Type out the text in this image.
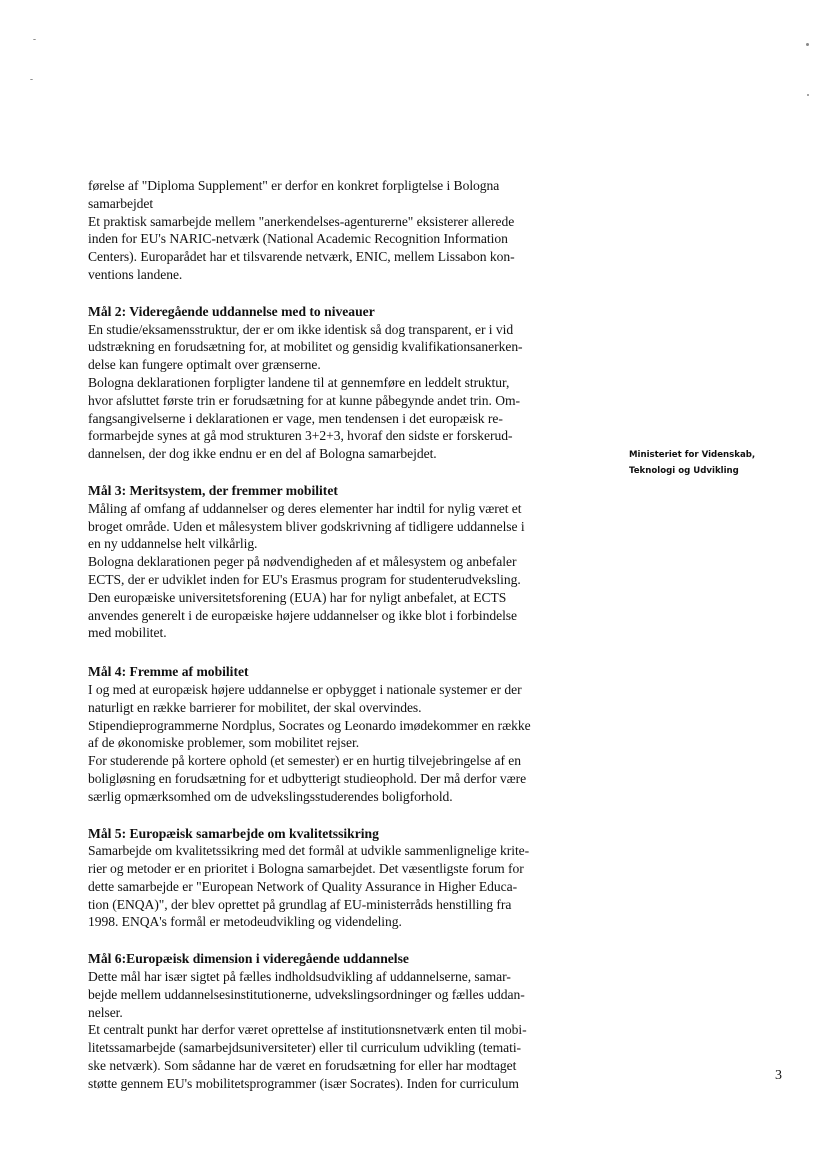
førelse af "Diploma Supplement" er derfor en konkret forpligtelse i Bologna

samarbejdet

Et praktisk samarbejde mellem "anerkendelses-agenturerne" eksisterer allerede

inden for EU's NARIC-netværk (National Academic Recognition Information

Centers). Europarådet har et tilsvarende netværk, ENIC, mellem Lissabon kon-

ventions landene.

Mål 2: Videregående uddannelse med to niveauer

En studie/eksamensstruktur, der er om ikke identisk så dog transparent, er i vid

udstrækning en forudsætning for, at mobilitet og gensidig kvalifikationsanerken-

delse kan fungere optimalt over grænserne.

Bologna deklarationen forpligter landene til at gennemføre en leddelt struktur,

hvor afsluttet første trin er forudsætning for at kunne påbegynde andet trin. Om-

fangsangivelserne i deklarationen er vage, men tendensen i det europæisk re-

formarbejde synes at gå mod strukturen 3+2+3, hvoraf den sidste er forskerud-

dannelsen, der dog ikke endnu er en del af Bologna samarbejdet.

Mål 3: Meritsystem, der fremmer mobilitet

Måling af omfang af uddannelser og deres elementer har indtil for nylig været et

broget område. Uden et målesystem bliver godskrivning af tidligere uddannelse i

en ny uddannelse helt vilkårlig.

Bologna deklarationen peger på nødvendigheden af et målesystem og anbefaler

ECTS, der er udviklet inden for EU's Erasmus program for studenterudveksling.

Den europæiske universitetsforening (EUA) har for nyligt anbefalet, at ECTS

anvendes generelt i de europæiske højere uddannelser og ikke blot i forbindelse

med mobilitet.

Mål 4: Fremme af mobilitet

I og med at europæisk højere uddannelse er opbygget i nationale systemer er der

naturligt en række barrierer for mobilitet, der skal overvindes.

Stipendieprogrammerne Nordplus, Socrates og Leonardo imødekommer en række

af de økonomiske problemer, som mobilitet rejser.

For studerende på kortere ophold (et semester) er en hurtig tilvejebringelse af en

boligløsning en forudsætning for et udbytterigt studieophold. Der må derfor være

særlig opmærksomhed om de udvekslingsstuderendes boligforhold.

Mål 5: Europæisk samarbejde om kvalitetssikring

Samarbejde om kvalitetssikring med det formål at udvikle sammenlignelige krite-

rier og metoder er en prioritet i Bologna samarbejdet. Det væsentligste forum for

dette samarbejde er "European Network of Quality Assurance in Higher Educa-

tion (ENQA)", der blev oprettet på grundlag af EU-ministerråds henstilling fra

1998. ENQA's formål er metodeudvikling og videndeling.

Mål 6:Europæisk dimension i videregående uddannelse

Dette mål har især sigtet på fælles indholdsudvikling af uddannelserne, samar-

bejde mellem uddannelsesinstitutionerne, udvekslingsordninger og fælles uddan-

nelser.

Et centralt punkt har derfor været oprettelse af institutionsnetværk enten til mobi-

litetssamarbejde (samarbejdsuniversiteter) eller til curriculum udvikling (temati-

ske netværk). Som sådanne har de været en forudsætning for eller har modtaget

støtte gennem EU's mobilitetsprogrammer (især Socrates). Inden for curriculum

Ministeriet for Videnskab,
Teknologi og Udvikling
3
